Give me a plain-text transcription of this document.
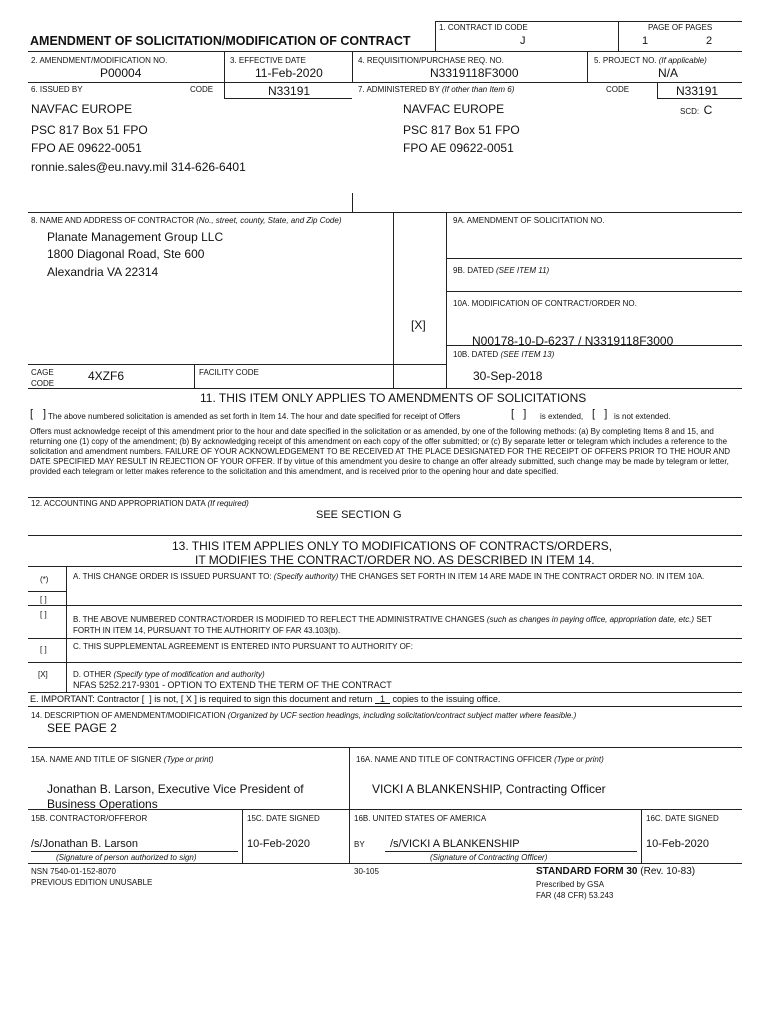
AMENDMENT OF SOLICITATION/MODIFICATION OF CONTRACT
1. CONTRACT ID CODE
J
PAGE OF PAGES
1	2
2. AMENDMENT/MODIFICATION NO.
P00004
3. EFFECTIVE DATE
11-Feb-2020
4. REQUISITION/PURCHASE REQ. NO.
N3319118F3000
5. PROJECT NO. (If applicable)
N/A
6. ISSUED BY	CODE	N33191	7. ADMINISTERED BY (If other than Item 6)	CODE	N33191
SCD: C
NAVFAC EUROPE
PSC 817 Box 51 FPO
FPO AE 09622-0051
ronnie.sales@eu.navy.mil 314-626-6401
NAVFAC EUROPE
PSC 817 Box 51 FPO
FPO AE 09622-0051
8. NAME AND ADDRESS OF CONTRACTOR (No., street, county, State, and Zip Code)
Planate Management Group LLC
1800 Diagonal Road, Ste 600
Alexandria VA 22314
CAGE
CODE
4XZF6	FACILITY CODE
9A. AMENDMENT OF SOLICITATION NO.
9B. DATED (SEE ITEM 11)
10A. MODIFICATION OF CONTRACT/ORDER NO.
[X]
N00178-10-D-6237 / N3319118F3000
10B. DATED (SEE ITEM 13)
30-Sep-2018
11. THIS ITEM ONLY APPLIES TO AMENDMENTS OF SOLICITATIONS
[ ] The above numbered solicitation is amended as set forth in Item 14. The hour and date specified for receipt of Offers	[   ] is extended, [   ] is not extended.
Offers must acknowledge receipt of this amendment prior to the hour and date specified in the solicitation or as amended, by one of the following methods: (a) By completing Items 8 and 15, and returning one (1) copy of the amendment; (b) By acknowledging receipt of this amendment on each copy of the offer submitted; or (c) By separate letter or telegram which includes a reference to the solicitation and amendment numbers. FAILURE OF YOUR ACKNOWLEDGEMENT TO BE RECEIVED AT THE PLACE DESIGNATED FOR THE RECEIPT OF OFFERS PRIOR TO THE HOUR AND DATE SPECIFIED MAY RESULT IN REJECTION OF YOUR OFFER. If by virtue of this amendment you desire to change an offer already submitted, such change may be made by telegram or letter, provided each telegram or letter makes reference to the solicitation and this amendment, and is received prior to the opening hour and date specified.
12. ACCOUNTING AND APPROPRIATION DATA (If required)
SEE SECTION G
13. THIS ITEM APPLIES ONLY TO MODIFICATIONS OF CONTRACTS/ORDERS,
IT MODIFIES THE CONTRACT/ORDER NO. AS DESCRIBED IN ITEM 14.
(*)
[ ]
A. THIS CHANGE ORDER IS ISSUED PURSUANT TO: (Specify authority) THE CHANGES SET FORTH IN ITEM 14 ARE MADE IN THE CONTRACT ORDER NO. IN ITEM 10A.
[ ]
B. THE ABOVE NUMBERED CONTRACT/ORDER IS MODIFIED TO REFLECT THE ADMINISTRATIVE CHANGES (such as changes in paying office, appropriation date, etc.) SET FORTH IN ITEM 14, PURSUANT TO THE AUTHORITY OF FAR 43.103(b).
[ ]	C. THIS SUPPLEMENTAL AGREEMENT IS ENTERED INTO PURSUANT TO AUTHORITY OF:
[X]	D. OTHER (Specify type of modification and authority)
NFAS 5252.217-9301 - OPTION TO EXTEND THE TERM OF THE CONTRACT
E. IMPORTANT: Contractor [ ] is not, [ X ] is required to sign this document and return 1 copies to the issuing office.
14. DESCRIPTION OF AMENDMENT/MODIFICATION (Organized by UCF section headings, including solicitation/contract subject matter where feasible.)
SEE PAGE 2
15A. NAME AND TITLE OF SIGNER (Type or print)
Jonathan B. Larson, Executive Vice President of
Business Operations
16A. NAME AND TITLE OF CONTRACTING OFFICER (Type or print)
VICKI A BLANKENSHIP, Contracting Officer
15B. CONTRACTOR/OFFEROR	15C. DATE SIGNED	16B. UNITED STATES OF AMERICA	16C. DATE SIGNED
/s/Jonathan B. Larson	10-Feb-2020	BY /s/VICKI A BLANKENSHIP	10-Feb-2020
(Signature of person authorized to sign)	(Signature of Contracting Officer)
NSN 7540-01-152-8070
PREVIOUS EDITION UNUSABLE
30-105	STANDARD FORM 30 (Rev. 10-83)
Prescribed by GSA
FAR (48 CFR) 53.243
